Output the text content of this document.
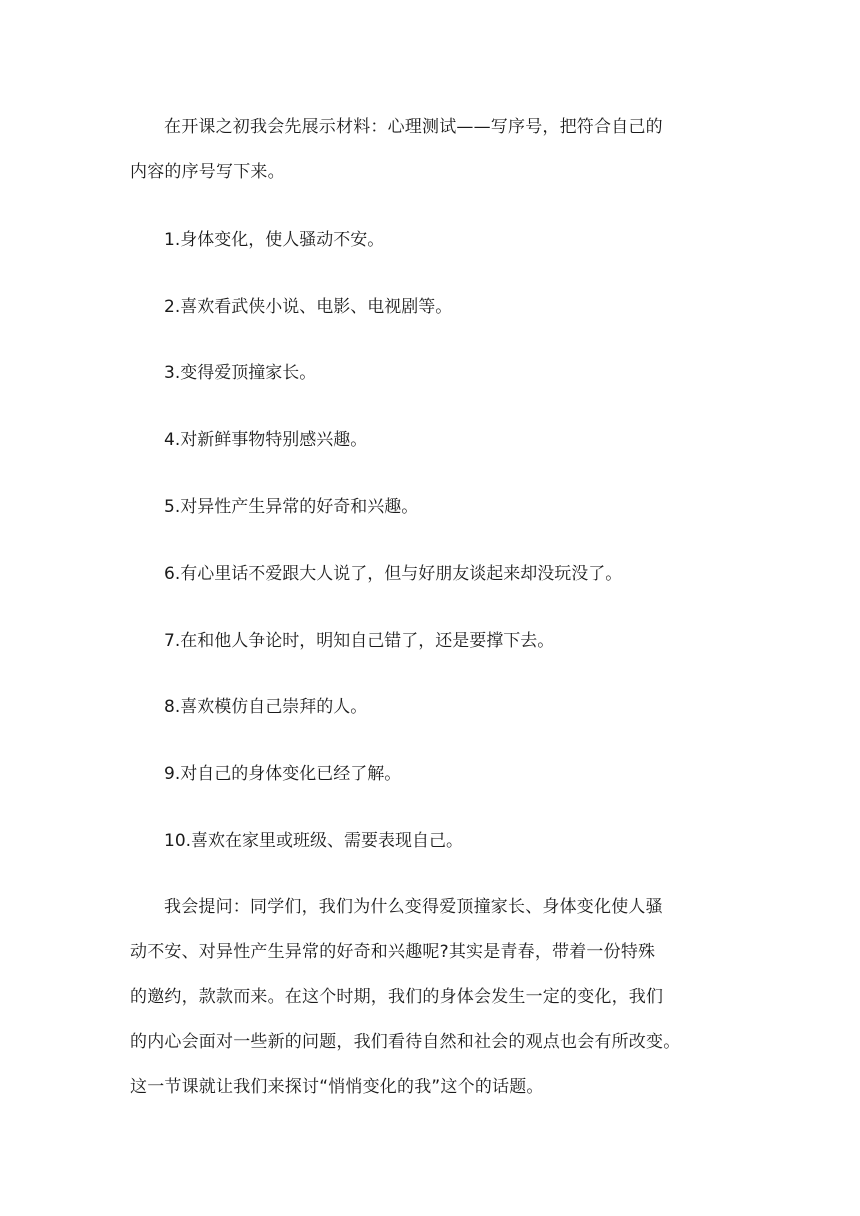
在开课之初我会先展示材料：心理测试——写序号，把符合自己的
内容的序号写下来。

1.身体变化，使人骚动不安。

2.喜欢看武侠小说、电影、电视剧等。

3.变得爱顶撞家长。

4.对新鲜事物特别感兴趣。

5.对异性产生异常的好奇和兴趣。

6.有心里话不爱跟大人说了，但与好朋友谈起来却没玩没了。

7.在和他人争论时，明知自己错了，还是要撑下去。

8.喜欢模仿自己崇拜的人。

9.对自己的身体变化已经了解。

10.喜欢在家里或班级、需要表现自己。

我会提问：同学们，我们为什么变得爱顶撞家长、身体变化使人骚
动不安、对异性产生异常的好奇和兴趣呢?其实是青春，带着一份特殊
的邀约，款款而来。在这个时期，我们的身体会发生一定的变化，我们
的内心会面对一些新的问题，我们看待自然和社会的观点也会有所改变。
这一节课就让我们来探讨“悄悄变化的我”这个的话题。
